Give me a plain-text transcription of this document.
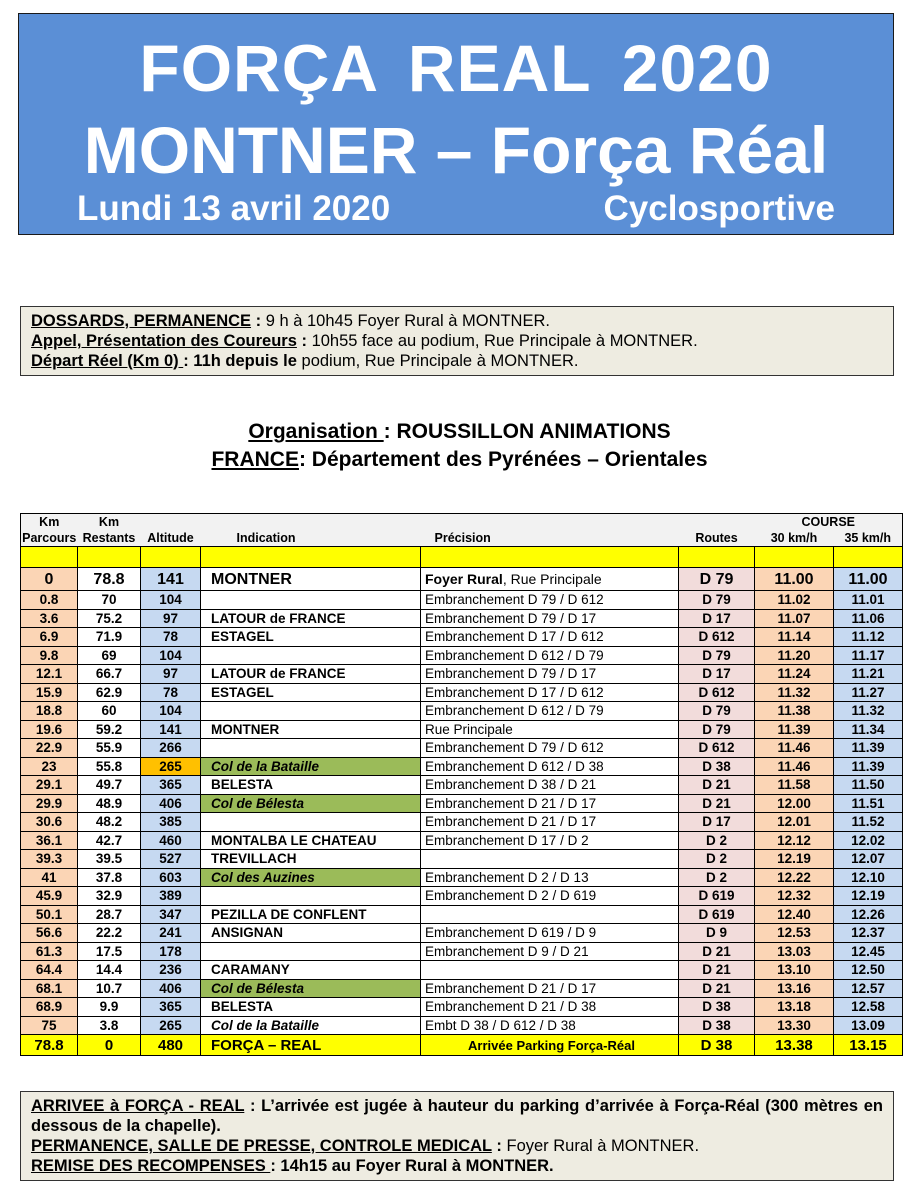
FORÇA REAL 2020
MONTNER – Força Réal
Lundi 13 avril 2020	Cyclosportive

DOSSARDS, PERMANENCE : 9 h à 10h45 Foyer Rural à MONTNER.

Appel, Présentation des Coureurs : 10h55 face au podium, Rue Principale à MONTNER.

Départ Réel (Km 0) : 11h depuis le podium, Rue Principale à MONTNER.

Organisation : ROUSSILLON ANIMATIONS
FRANCE: Département des Pyrénées – Orientales
Km	Km					COURSE	
Parcours	Restants	Altitude	Indication	Précision	Routes	30 km/h	35 km/h

0	78.8	141	MONTNER	Foyer Rural, Rue Principale	D 79	11.00	11.00
0.8	70	104		Embranchement D 79 / D 612	D 79	11.02	11.01
3.6	75.2	97	LATOUR de FRANCE	Embranchement D 79 / D 17	D 17	11.07	11.06
6.9	71.9	78	ESTAGEL	Embranchement D 17 / D 612	D 612	11.14	11.12
9.8	69	104		Embranchement D 612 / D 79	D 79	11.20	11.17
12.1	66.7	97	LATOUR de FRANCE	Embranchement D 79 / D 17	D 17	11.24	11.21
15.9	62.9	78	ESTAGEL	Embranchement D 17 / D 612	D 612	11.32	11.27
18.8	60	104		Embranchement D 612 / D 79	D 79	11.38	11.32
19.6	59.2	141	MONTNER	Rue Principale	D 79	11.39	11.34
22.9	55.9	266		Embranchement D 79 / D 612	D 612	11.46	11.39
23	55.8	265	Col de la Bataille	Embranchement D 612 / D 38	D 38	11.46	11.39
29.1	49.7	365	BELESTA	Embranchement D 38 / D 21	D 21	11.58	11.50
29.9	48.9	406	Col de Bélesta	Embranchement D 21 / D 17	D 21	12.00	11.51
30.6	48.2	385		Embranchement D 21 / D 17	D 17	12.01	11.52
36.1	42.7	460	MONTALBA LE CHATEAU	Embranchement D 17 / D 2	D 2	12.12	12.02
39.3	39.5	527	TREVILLACH		D 2	12.19	12.07
41	37.8	603	Col des Auzines	Embranchement D 2 / D 13	D 2	12.22	12.10
45.9	32.9	389		Embranchement D 2 / D 619	D 619	12.32	12.19
50.1	28.7	347	PEZILLA DE CONFLENT		D 619	12.40	12.26
56.6	22.2	241	ANSIGNAN	Embranchement D 619 / D 9	D 9	12.53	12.37
61.3	17.5	178		Embranchement D 9 / D 21	D 21	13.03	12.45
64.4	14.4	236	CARAMANY		D 21	13.10	12.50
68.1	10.7	406	Col de Bélesta	Embranchement D 21 / D 17	D 21	13.16	12.57
68.9	9.9	365	BELESTA	Embranchement D 21 / D 38	D 38	13.18	12.58
75	3.8	265	Col de la Bataille	Embt D 38 / D 612 / D 38	D 38	13.30	13.09
78.8	0	480	FORÇA – REAL	Arrivée Parking Força-Réal	D 38	13.38	13.15

ARRIVEE à FORÇA - REAL : L’arrivée est jugée à hauteur du parking d’arrivée à Força-Réal (300 mètres en dessous de la chapelle).

PERMANENCE, SALLE DE PRESSE, CONTROLE MEDICAL : Foyer Rural à MONTNER.

REMISE DES RECOMPENSES : 14h15 au Foyer Rural à MONTNER.
